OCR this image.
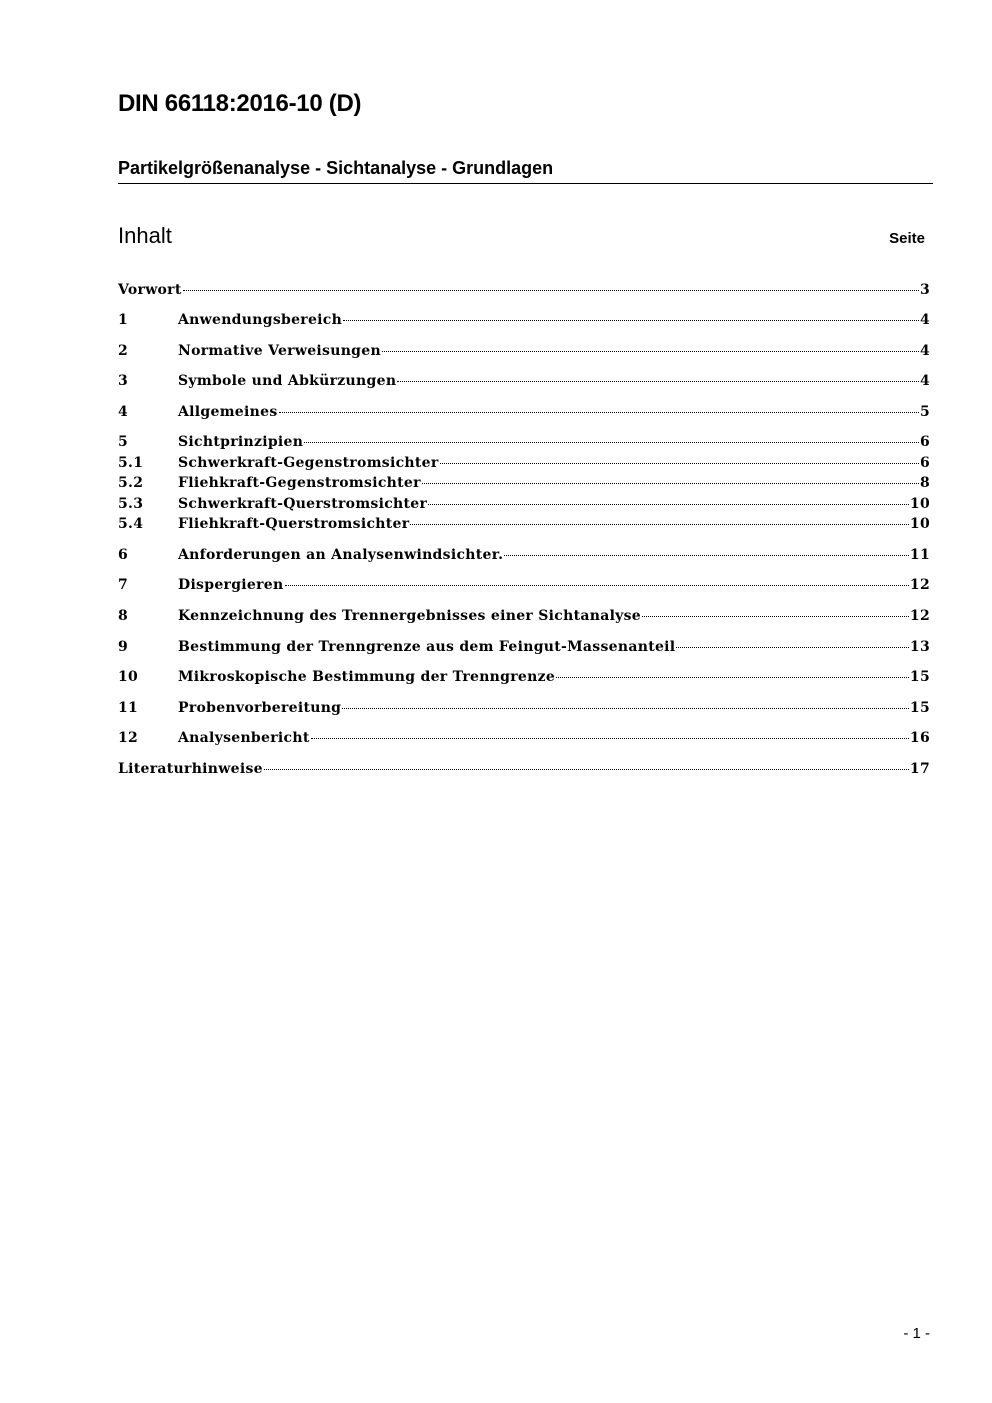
DIN 66118:2016-10 (D)
Partikelgrößenanalyse - Sichtanalyse - Grundlagen
Inhalt	Seite
Vorwort	3
1	Anwendungsbereich	4
2	Normative Verweisungen	4
3	Symbole und Abkürzungen	4
4	Allgemeines	5
5	Sichtprinzipien	6
5.1	Schwerkraft-Gegenstromsichter	6
5.2	Fliehkraft-Gegenstromsichter	8
5.3	Schwerkraft-Querstromsichter	10
5.4	Fliehkraft-Querstromsichter	10
6	Anforderungen an Analysenwindsichter.	11
7	Dispergieren	12
8	Kennzeichnung des Trennergebnisses einer Sichtanalyse	12
9	Bestimmung der Trenngrenze aus dem Feingut-Massenanteil	13
10	Mikroskopische Bestimmung der Trenngrenze	15
11	Probenvorbereitung	15
12	Analysenbericht	16
Literaturhinweise	17
- 1 -
